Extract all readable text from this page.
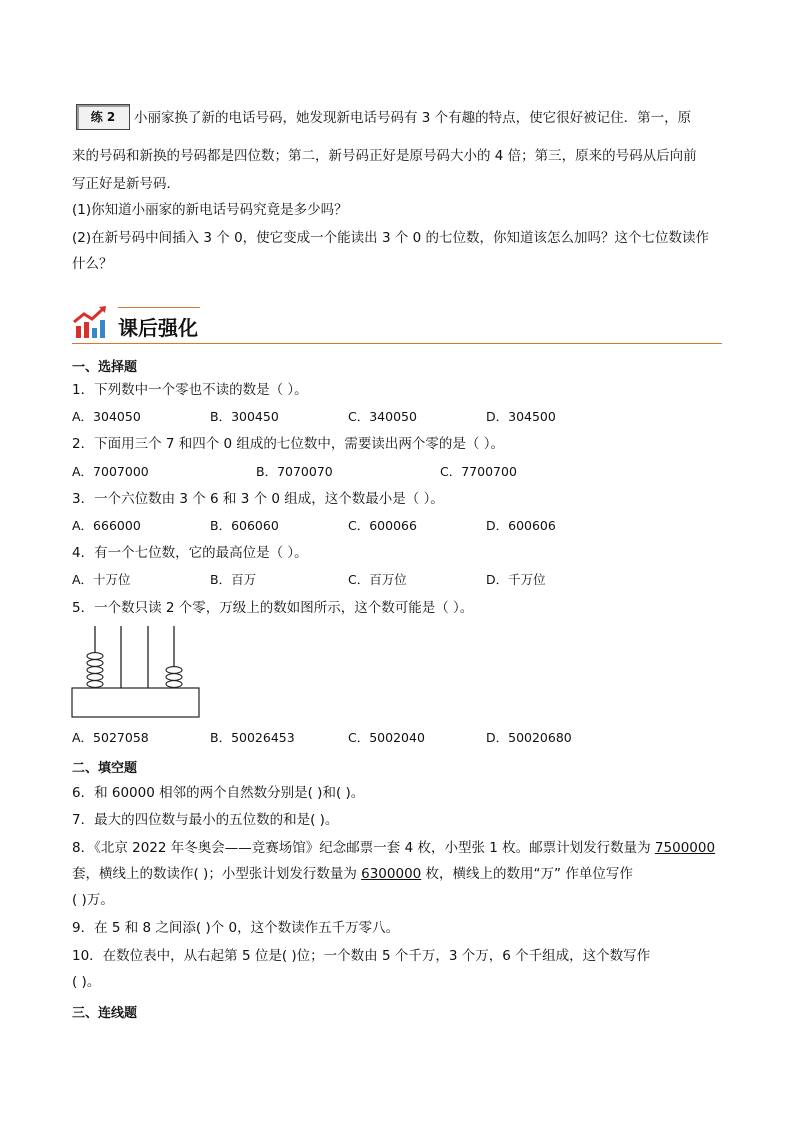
练 2	小丽家换了新的电话号码，她发现新电话号码有 3 个有趣的特点，使它很好被记住．第一，原
来的号码和新换的号码都是四位数；第二，新号码正好是原号码大小的 4 倍；第三，原来的号码从后向前
写正好是新号码．
(1)你知道小丽家的新电话号码究竟是多少吗？
(2)在新号码中间插入 3 个 0，使它变成一个能读出 3 个 0 的七位数，你知道该怎么加吗？这个七位数读作
什么？
课后强化
一、选择题
1．下列数中一个零也不读的数是（ ）。
A．304050	B．300450	C．340050	D．304500
2．下面用三个 7 和四个 0 组成的七位数中，需要读出两个零的是（ ）。
A．7007000	B．7070070	C．7700700
3．一个六位数由 3 个 6 和 3 个 0 组成，这个数最小是（ ）。
A．666000	B．606060	C．600066	D．600606
4．有一个七位数，它的最高位是（ ）。
A．十万位	B．百万	C．百万位	D．千万位
5．一个数只读 2 个零，万级上的数如图所示，这个数可能是（ ）。
A．5027058	B．50026453	C．5002040	D．50020680
二、填空题
6．和 60000 相邻的两个自然数分别是( )和( )。
7．最大的四位数与最小的五位数的和是( )。
8．《北京 2022 年冬奥会——竞赛场馆》纪念邮票一套 4 枚，小型张 1 枚。邮票计划发行数量为 7500000
套，横线上的数读作( )；小型张计划发行数量为 6300000 枚，横线上的数用“万” 作单位写作
( )万。
9．在 5 和 8 之间添( )个 0，这个数读作五千万零八。
10．在数位表中，从右起第 5 位是( )位；一个数由 5 个千万，3 个万，6 个千组成，这个数写作
( )。
三、连线题
